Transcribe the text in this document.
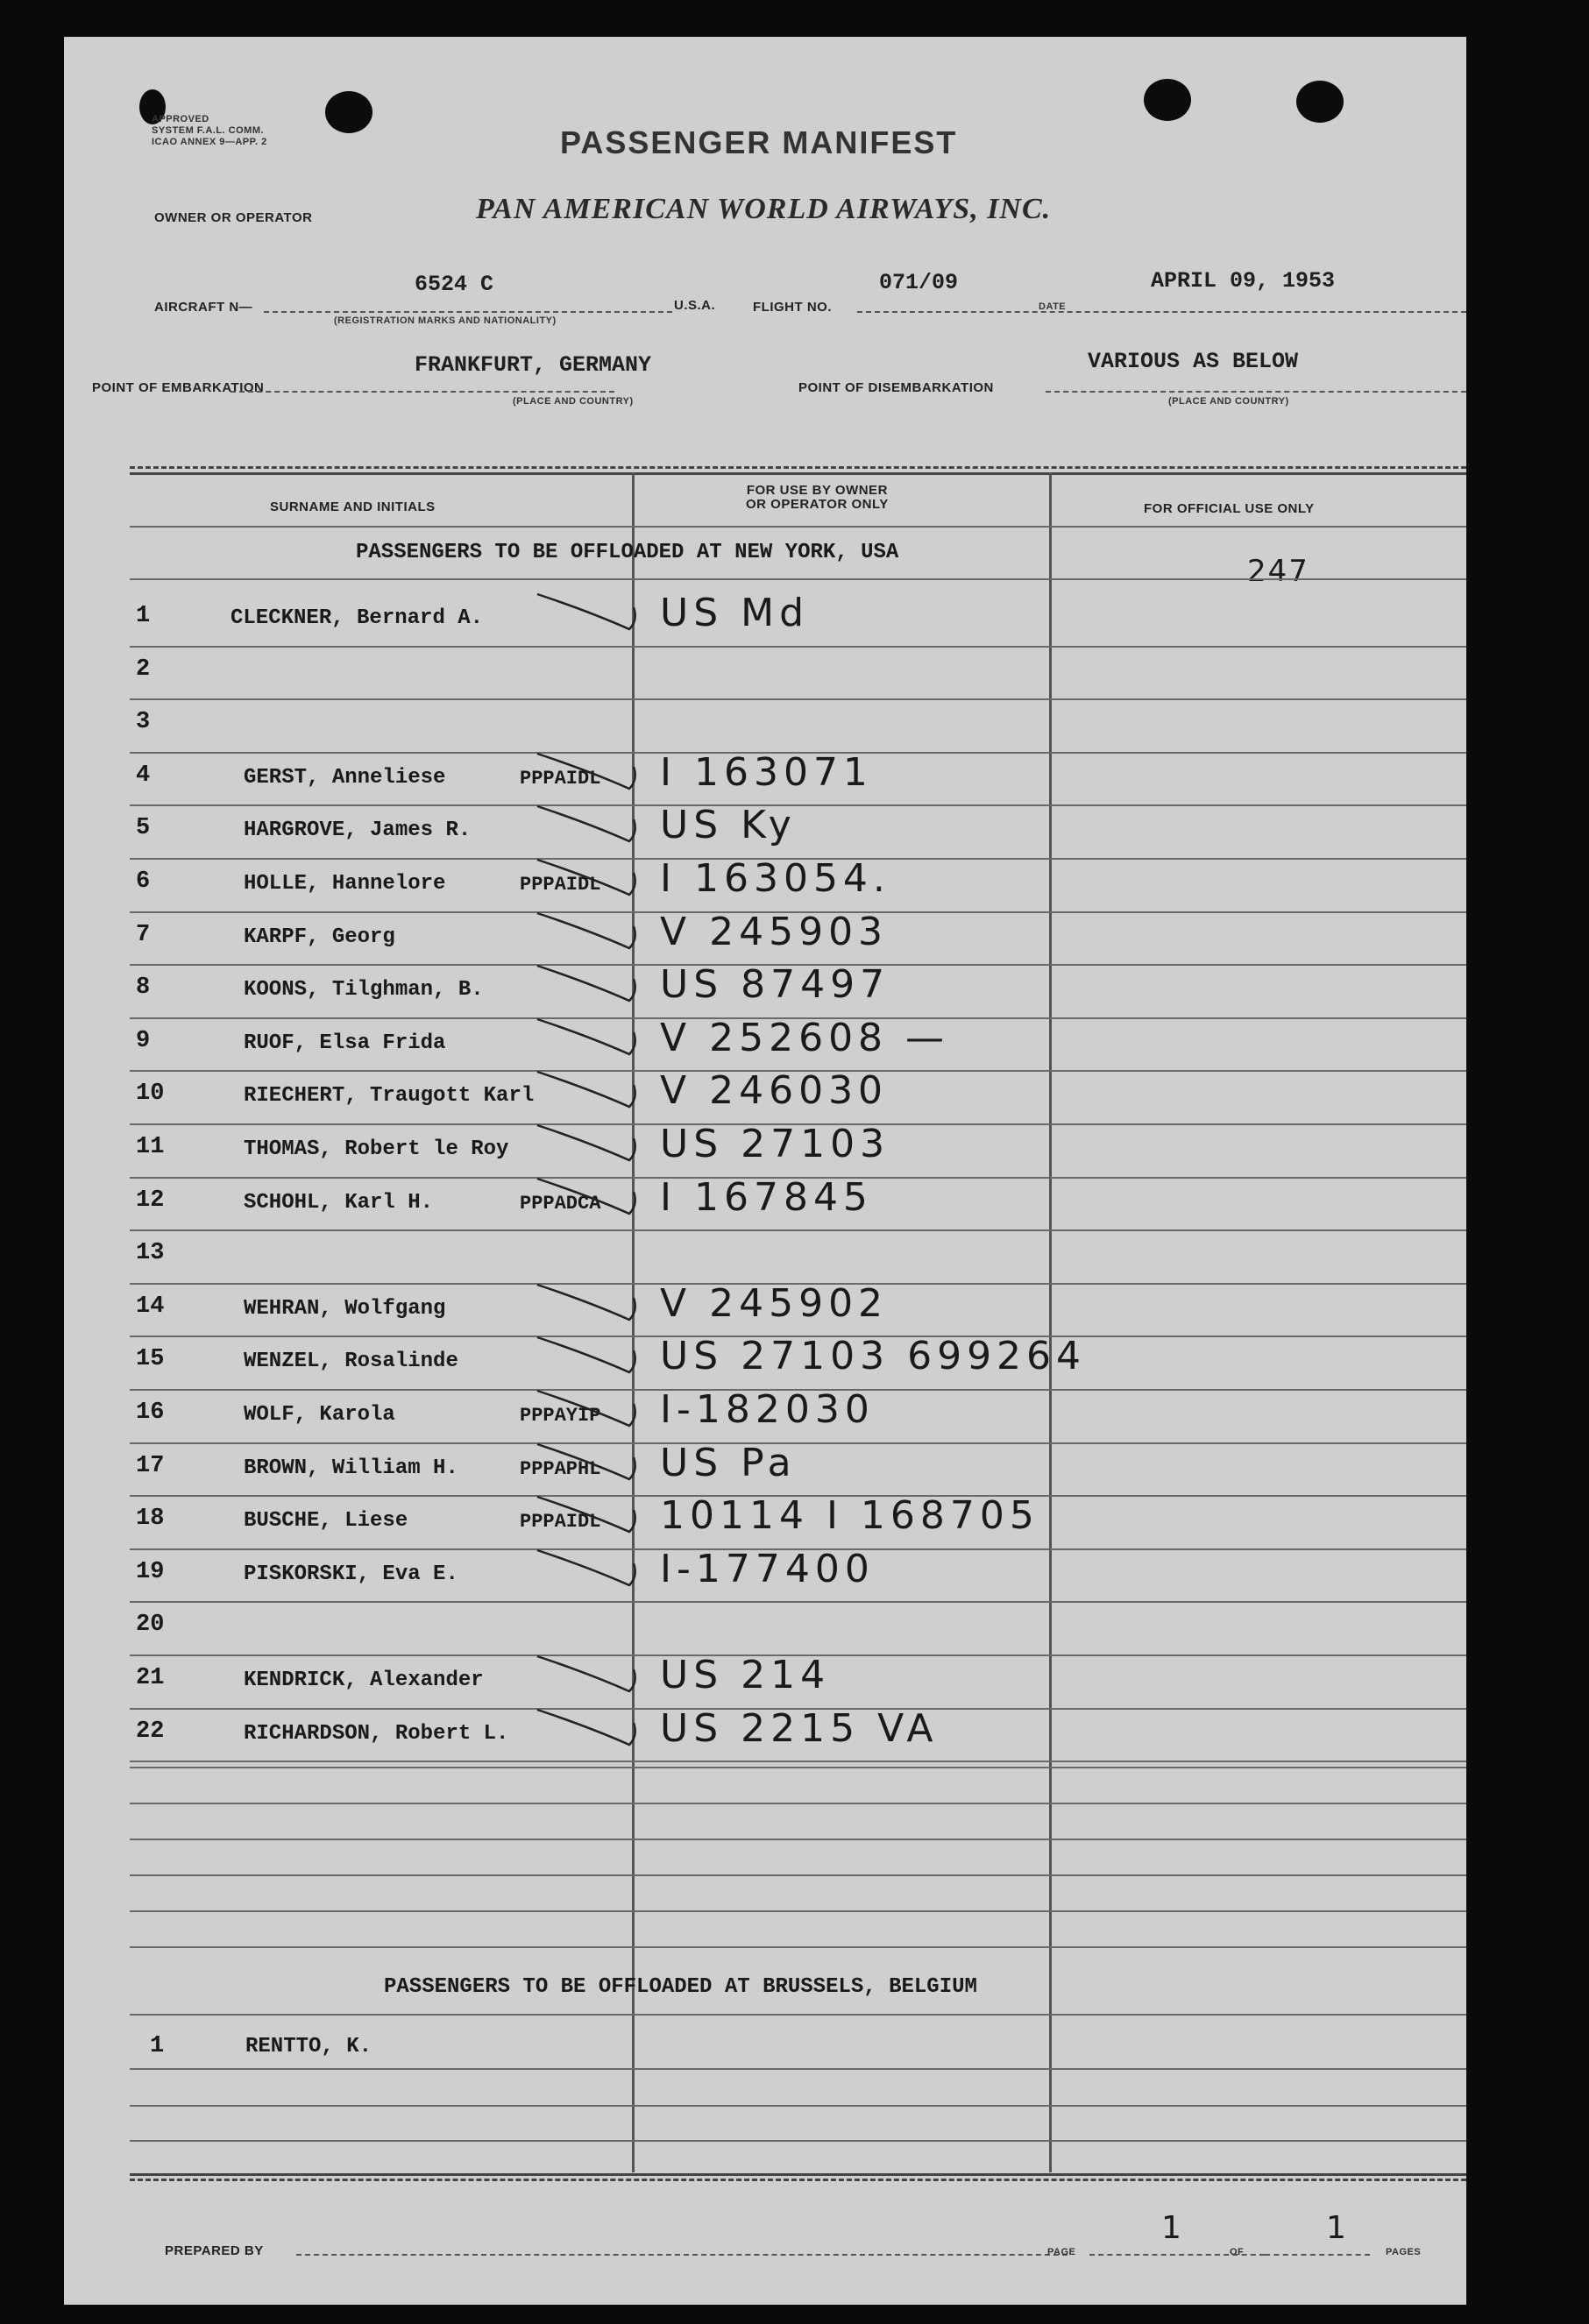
APPROVED
SYSTEM F.A.L. COMM.
ICAO ANNEX 9—APP. 2	PASSENGER MANIFEST
OWNER OR OPERATOR	PAN AMERICAN WORLD AIRWAYS, INC.
AIRCRAFT N—
6524 C
(REGISTRATION MARKS AND NATIONALITY)
U.S.A.	FLIGHT NO.
071/09
DATE
APRIL 09, 1953
POINT OF EMBARKATION
FRANKFURT, GERMANY
(PLACE AND COUNTRY)
POINT OF DISEMBARKATION
VARIOUS AS BELOW
(PLACE AND COUNTRY)
SURNAME AND INITIALS
FOR USE BY OWNER
OR OPERATOR ONLY	FOR OFFICIAL USE ONLY
PASSENGERS TO BE OFFLOADED AT NEW YORK, USA
247
PASSENGERS TO BE OFFLOADED AT BRUSSELS, BELGIUM
1	RENTTO, K.
PREPARED BY	PAGE
1
OF
1
PAGES
1	CLECKNER, Bernard A.	US Md
2
3
4	GERST, Anneliese	PPPAIDL I 163071
5	HARGROVE, James R.	US Ky
6	HOLLE, Hannelore	PPPAIDL I 163054.
7	KARPF, Georg	V 245903
8	KOONS, Tilghman, B.	US 87497
9	RUOF, Elsa Frida	V 252608 —
10	RIECHERT, Traugott Karl	V 246030
11	THOMAS, Robert le Roy	US 27103
12	SCHOHL, Karl H.	PPPADCA I 167845
13
14	WEHRAN, Wolfgang	V 245902
15	WENZEL, Rosalinde	US 27103 699264
16	WOLF, Karola	PPPAYIP I-182030
17	BROWN, William H.	PPPAPHL US Pa
18	BUSCHE, Liese	PPPAIDL 10114 I 168705
19	PISKORSKI, Eva E.	I-177400
20
21	KENDRICK, Alexander	US 214
22	RICHARDSON, Robert L.	US 2215 VA
